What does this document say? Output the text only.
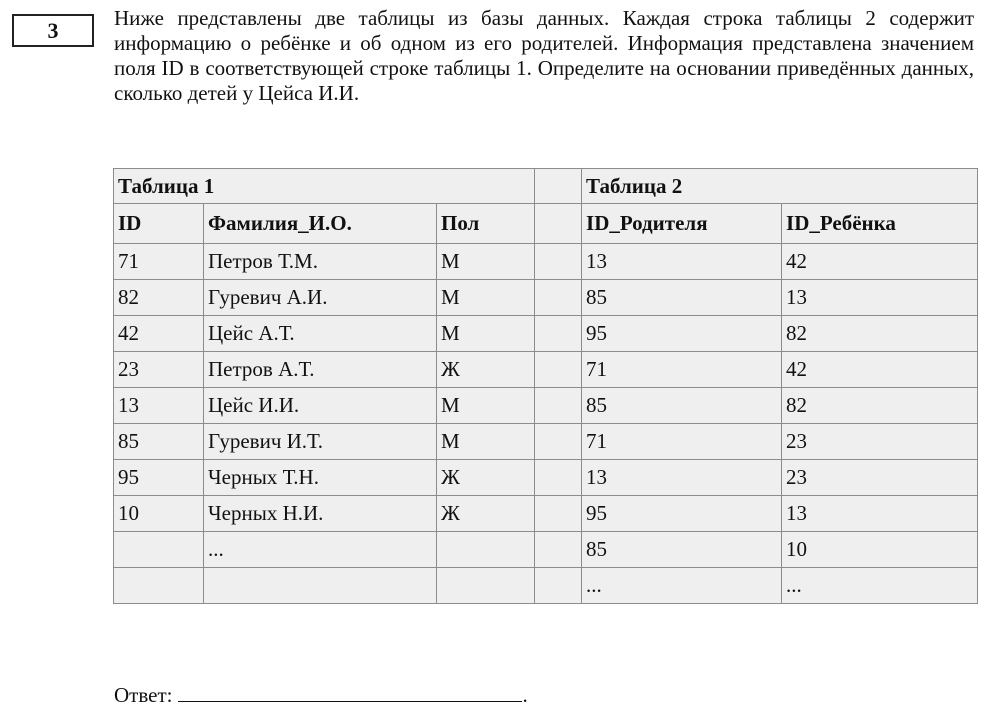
3	Ниже представлены две таблицы из базы данных. Каждая строка таблицы 2 содержит информацию о ребёнке и об одном из его родителей. Информация представлена значением поля ID в соответствующей строке таблицы 1. Определите на основании приведённых данных, сколько детей у Цейса И.И.
Таблица 1				Таблица 2	
ID	Фамилия_И.О.	Пол		ID_Родителя	ID_Ребёнка
71	Петров Т.М.	М		13	42
82	Гуревич А.И.	М		85	13
42	Цейс А.Т.	М		95	82
23	Петров А.Т.	Ж		71	42
13	Цейс И.И.	М		85	82
85	Гуревич И.Т.	М		71	23
95	Черных Т.Н.	Ж		13	23
10	Черных Н.И.	Ж		95	13
	...			85	10
				...	...
Ответ:	.
